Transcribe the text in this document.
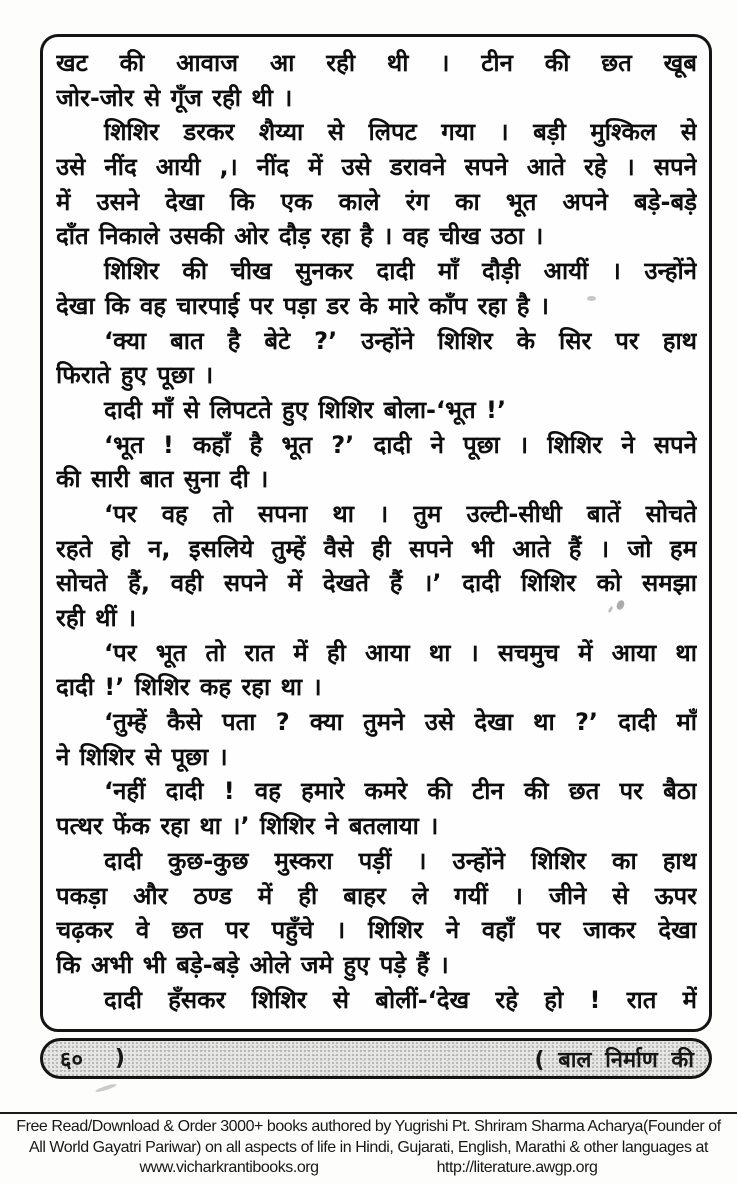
खट की आवाज आ रही थी । टीन की छत खूब
जोर-जोर से गूँज रही थी ।
शिशिर डरकर शैय्या से लिपट गया । बड़ी मुश्किल से
उसे नींद आयी ,। नींद में उसे डरावने सपने आते रहे । सपने
में उसने देखा कि एक काले रंग का भूत अपने बड़े-बड़े
दाँत निकाले उसकी ओर दौड़ रहा है । वह चीख उठा ।
शिशिर की चीख सुनकर दादी माँ दौड़ी आयीं । उन्होंने
देखा कि वह चारपाई पर पड़ा डर के मारे काँप रहा है ।
‘क्या बात है बेटे ?’ उन्होंने शिशिर के सिर पर हाथ
फिराते हुए पूछा ।
दादी माँ से लिपटते हुए शिशिर बोला-‘भूत !’
‘भूत ! कहाँ है भूत ?’ दादी ने पूछा । शिशिर ने सपने
की सारी बात सुना दी ।
‘पर वह तो सपना था । तुम उल्टी-सीधी बातें सोचते
रहते हो न, इसलिये तुम्हें वैसे ही सपने भी आते हैं । जो हम
सोचते हैं, वही सपने में देखते हैं ।’ दादी शिशिर को समझा
रही थीं ।
‘पर भूत तो रात में ही आया था । सचमुच में आया था
दादी !’ शिशिर कह रहा था ।
‘तुम्हें कैसे पता ? क्या तुमने उसे देखा था ?’ दादी माँ
ने शिशिर से पूछा ।
‘नहीं दादी ! वह हमारे कमरे की टीन की छत पर बैठा
पत्थर फेंक रहा था ।’ शिशिर ने बतलाया ।
दादी कुछ-कुछ मुस्करा पड़ीं । उन्होंने शिशिर का हाथ
पकड़ा और ठण्ड में ही बाहर ले गयीं । जीने से ऊपर
चढ़कर वे छत पर पहुँचे । शिशिर ने वहाँ पर जाकर देखा
कि अभी भी बड़े-बड़े ओले जमे हुए पड़े हैं ।
दादी हँसकर शिशिर से बोलीं-‘देख रहे हो ! रात में
६० )	( बाल निर्माण की
Free Read/Download & Order 3000+ books authored by Yugrishi Pt. Shriram Sharma Acharya(Founder of
All World Gayatri Pariwar) on all aspects of life in Hindi, Gujarati, English, Marathi & other languages at
www.vicharkrantibooks.org	http://literature.awgp.org
